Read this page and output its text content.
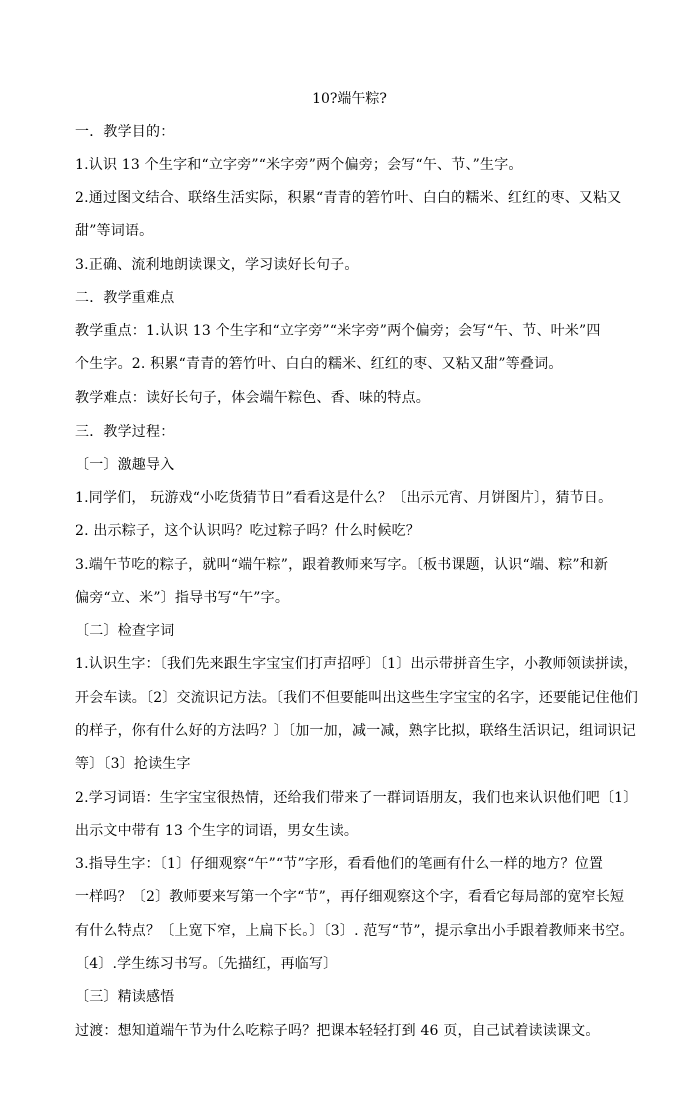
10?端午粽?
一．教学目的：
1.认识 13 个生字和“立字旁”“米字旁”两个偏旁；会写“午、节、”生字。
2.通过图文结合、联络生活实际，积累“青青的箬竹叶、白白的糯米、红红的枣、又粘又
甜”等词语。
3.正确、流利地朗读课文，学习读好长句子。
二．教学重难点
教学重点：1.认识 13 个生字和“立字旁”“米字旁”两个偏旁；会写“午、节、叶米”四
个生字。2. 积累“青青的箬竹叶、白白的糯米、红红的枣、又粘又甜”等叠词。
教学难点：读好长句子，体会端午粽色、香、味的特点。
三．教学过程：
〔一〕激趣导入
1.同学们， 玩游戏“小吃货猜节日”看看这是什么？〔出示元宵、月饼图片〕，猜节日。
2. 出示粽子，这个认识吗？吃过粽子吗？什么时候吃？
3.端午节吃的粽子，就叫“端午粽”，跟着教师来写字。〔板书课题，认识“端、粽”和新
偏旁“立、米”〕指导书写“午”字。
〔二〕检查字词
1.认识生字：〔我们先来跟生字宝宝们打声招呼〕〔1〕出示带拼音生字，小教师领读拼读，
开会车读。〔2〕交流识记方法。〔我们不但要能叫出这些生字宝宝的名字，还要能记住他们
的样子，你有什么好的方法吗？〕〔加一加，减一减，熟字比拟，联络生活识记，组词识记
等〕〔3〕抢读生字
2.学习词语：生字宝宝很热情，还给我们带来了一群词语朋友，我们也来认识他们吧〔1〕
出示文中带有 13 个生字的词语，男女生读。
3.指导生字：〔1〕仔细观察“午”“节”字形，看看他们的笔画有什么一样的地方？位置
一样吗？〔2〕教师要来写第一个字“节”，再仔细观察这个字，看看它每局部的宽窄长短
有什么特点？〔上宽下窄，上扁下长。〕〔3〕. 范写“节”，提示拿出小手跟着教师来书空。
〔4〕.学生练习书写。〔先描红，再临写〕
〔三〕精读感悟
过渡：想知道端午节为什么吃粽子吗？把课本轻轻打到 46 页，自己试着读读课文。
